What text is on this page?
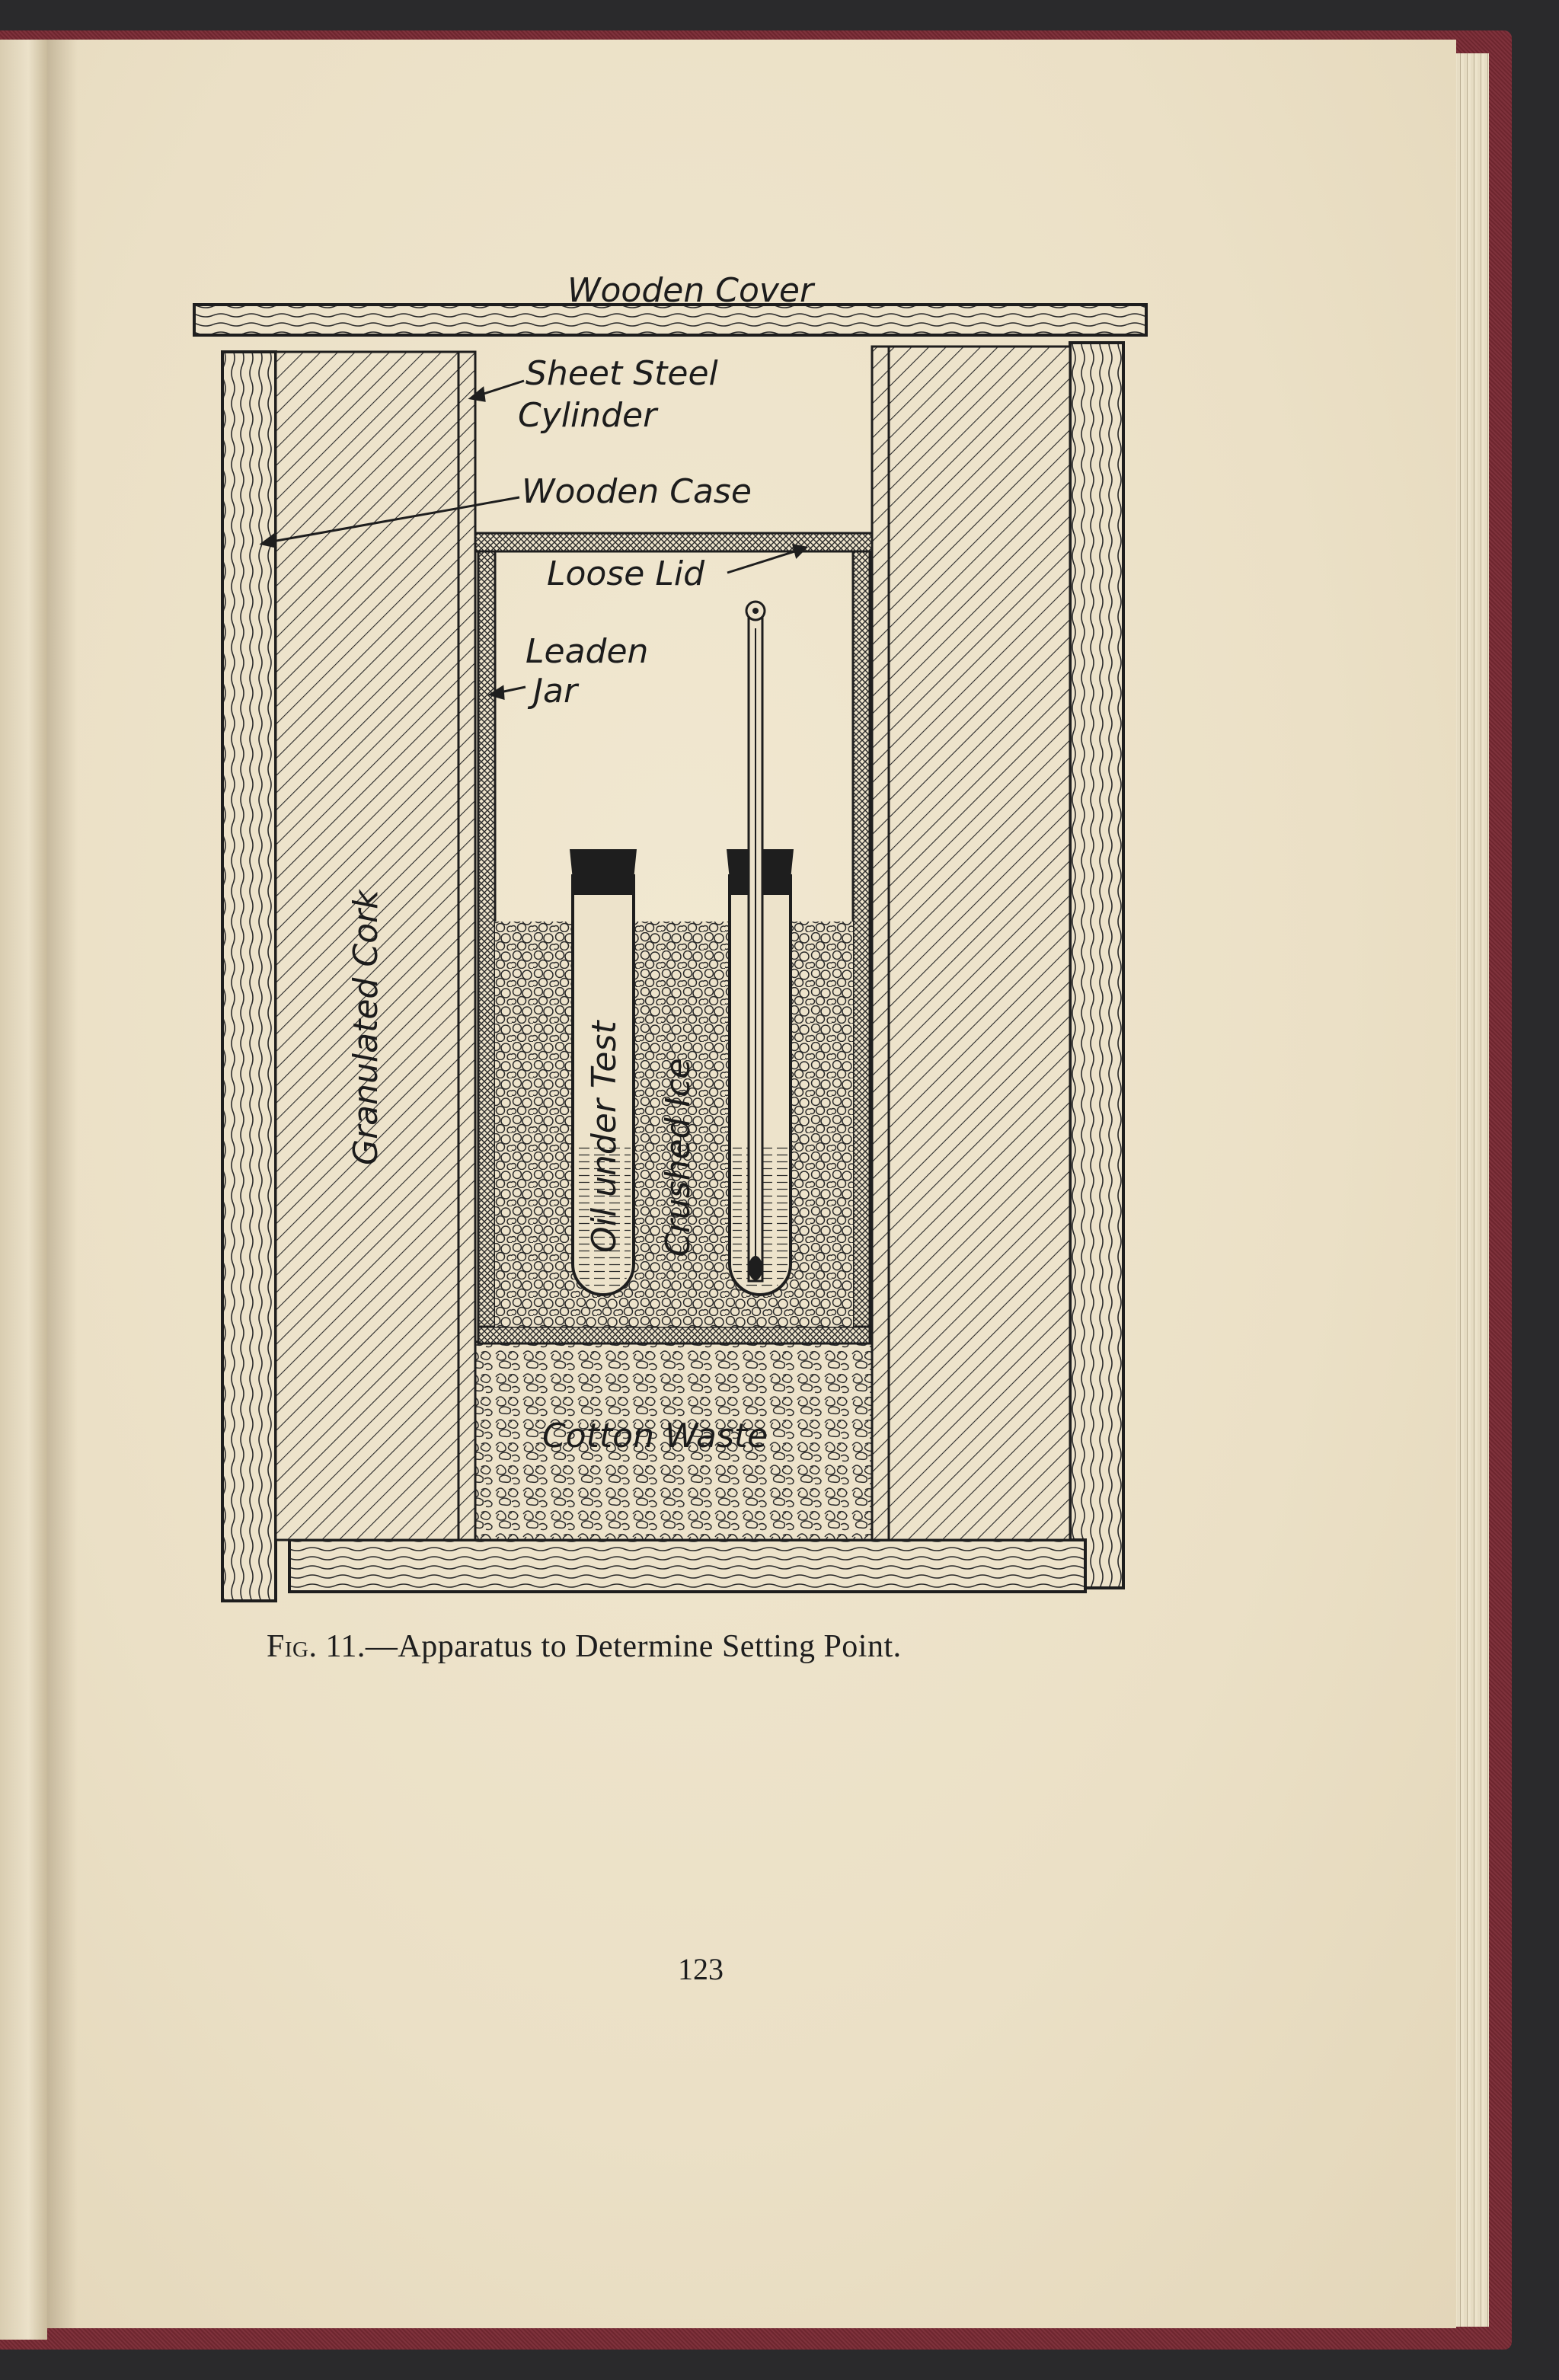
Wooden Cover
Sheet Steel
Cylinder
Wooden Case
Loose Lid
Leaden
Jar
Granulated Cork	Oil under Test Crushed Ice
Cotton Waste
Fig. 11.—Apparatus to Determine Setting Point.
123
